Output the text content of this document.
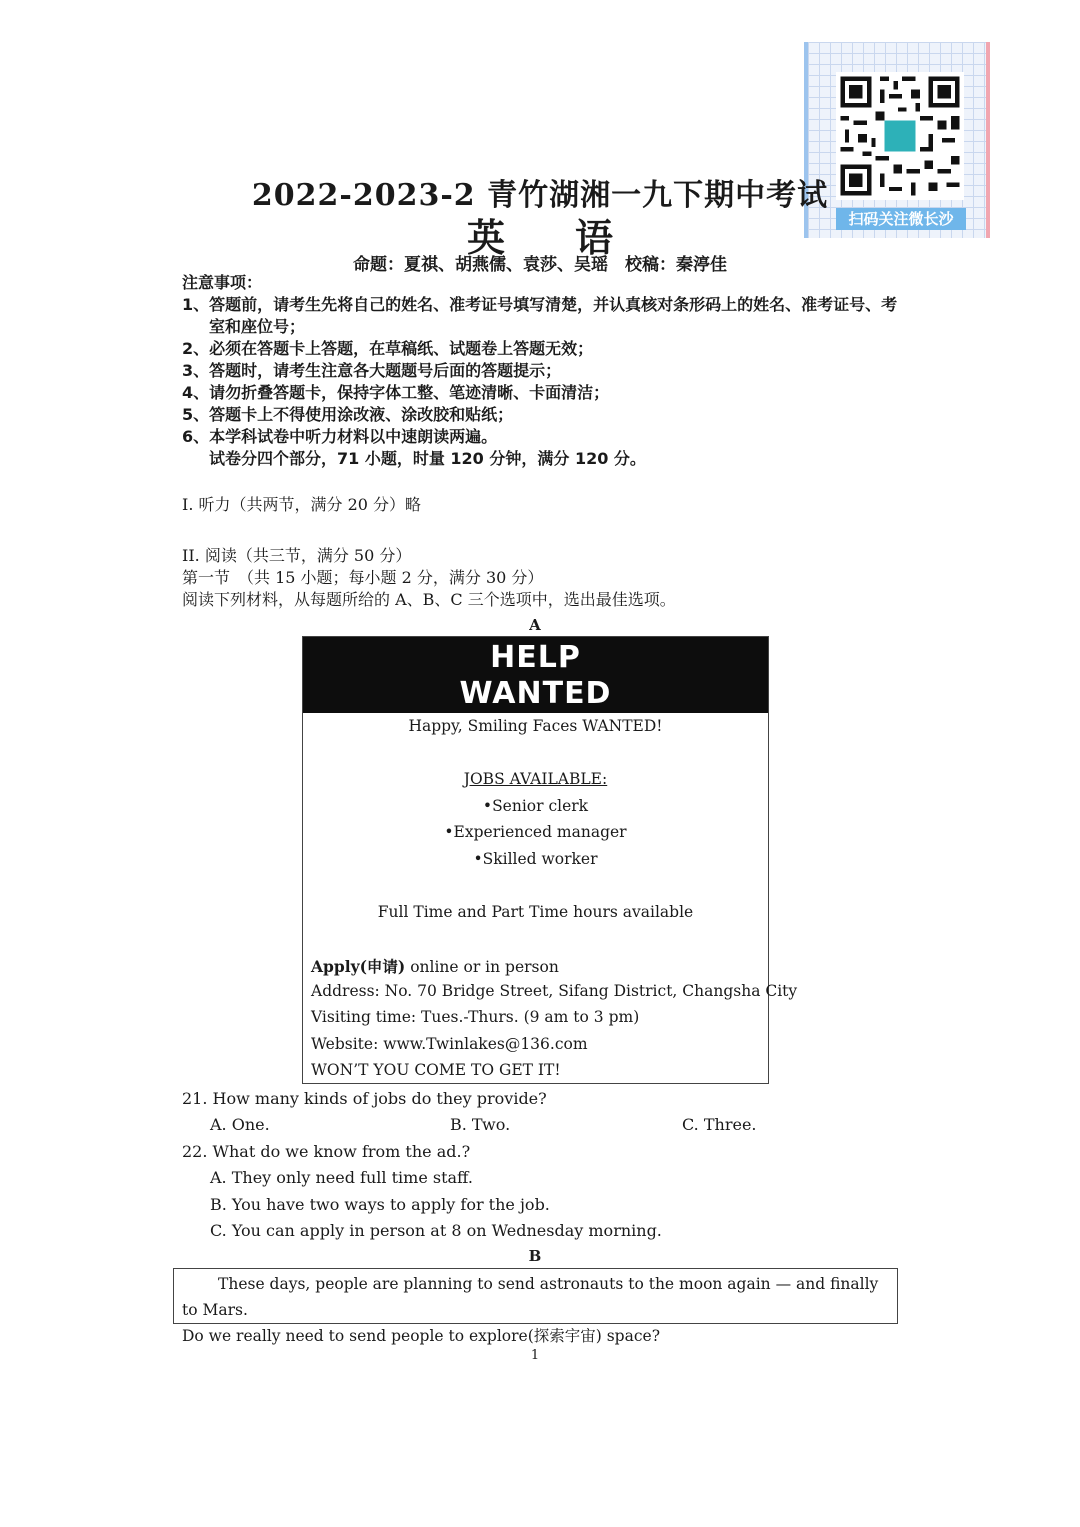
扫码关注微长沙
2022-2023-2 青竹湖湘一九下期中考试
英语
命题：夏祺、胡燕儒、袁莎、吴瑶　校稿：秦渟佳
注意事项：
1、答题前，请考生先将自己的姓名、准考证号填写清楚，并认真核对条形码上的姓名、准考证号、考室和座位号；
2、必须在答题卡上答题，在草稿纸、试题卷上答题无效；
3、答题时，请考生注意各大题题号后面的答题提示；
4、请勿折叠答题卡，保持字体工整、笔迹清晰、卡面清洁；
5、答题卡上不得使用涂改液、涂改胶和贴纸；
6、本学科试卷中听力材料以中速朗读两遍。
试卷分四个部分，71 小题，时量 120 分钟，满分 120 分。
I. 听力（共两节，满分 20 分）略
II. 阅读（共三节，满分 50 分）
第一节　（共 15 小题；每小题 2 分，满分 30 分）
阅读下列材料，从每题所给的 A、B、C 三个选项中，选出最佳选项。
A
HELP
WANTED
Happy, Smiling Faces WANTED!
JOBS AVAILABLE:
•Senior clerk
•Experienced manager
•Skilled worker
Full Time and Part Time hours available
Apply(申请) online or in person
Address: No. 70 Bridge Street, Sifang District, Changsha City
Visiting time: Tues.-Thurs. (9 am to 3 pm)
Website: www.Twinlakes@136.com
WON’T YOU COME TO GET IT!
21. How many kinds of jobs do they provide?
A. One.	B. Two.	C. Three.
22. What do we know from the ad.?
A. They only need full time staff.
B. You have two ways to apply for the job.
C. You can apply in person at 8 on Wednesday morning.
B
These days, people are planning to send astronauts to the moon again — and finally to Mars.
Do we really need to send people to explore(探索宇宙) space?
1
